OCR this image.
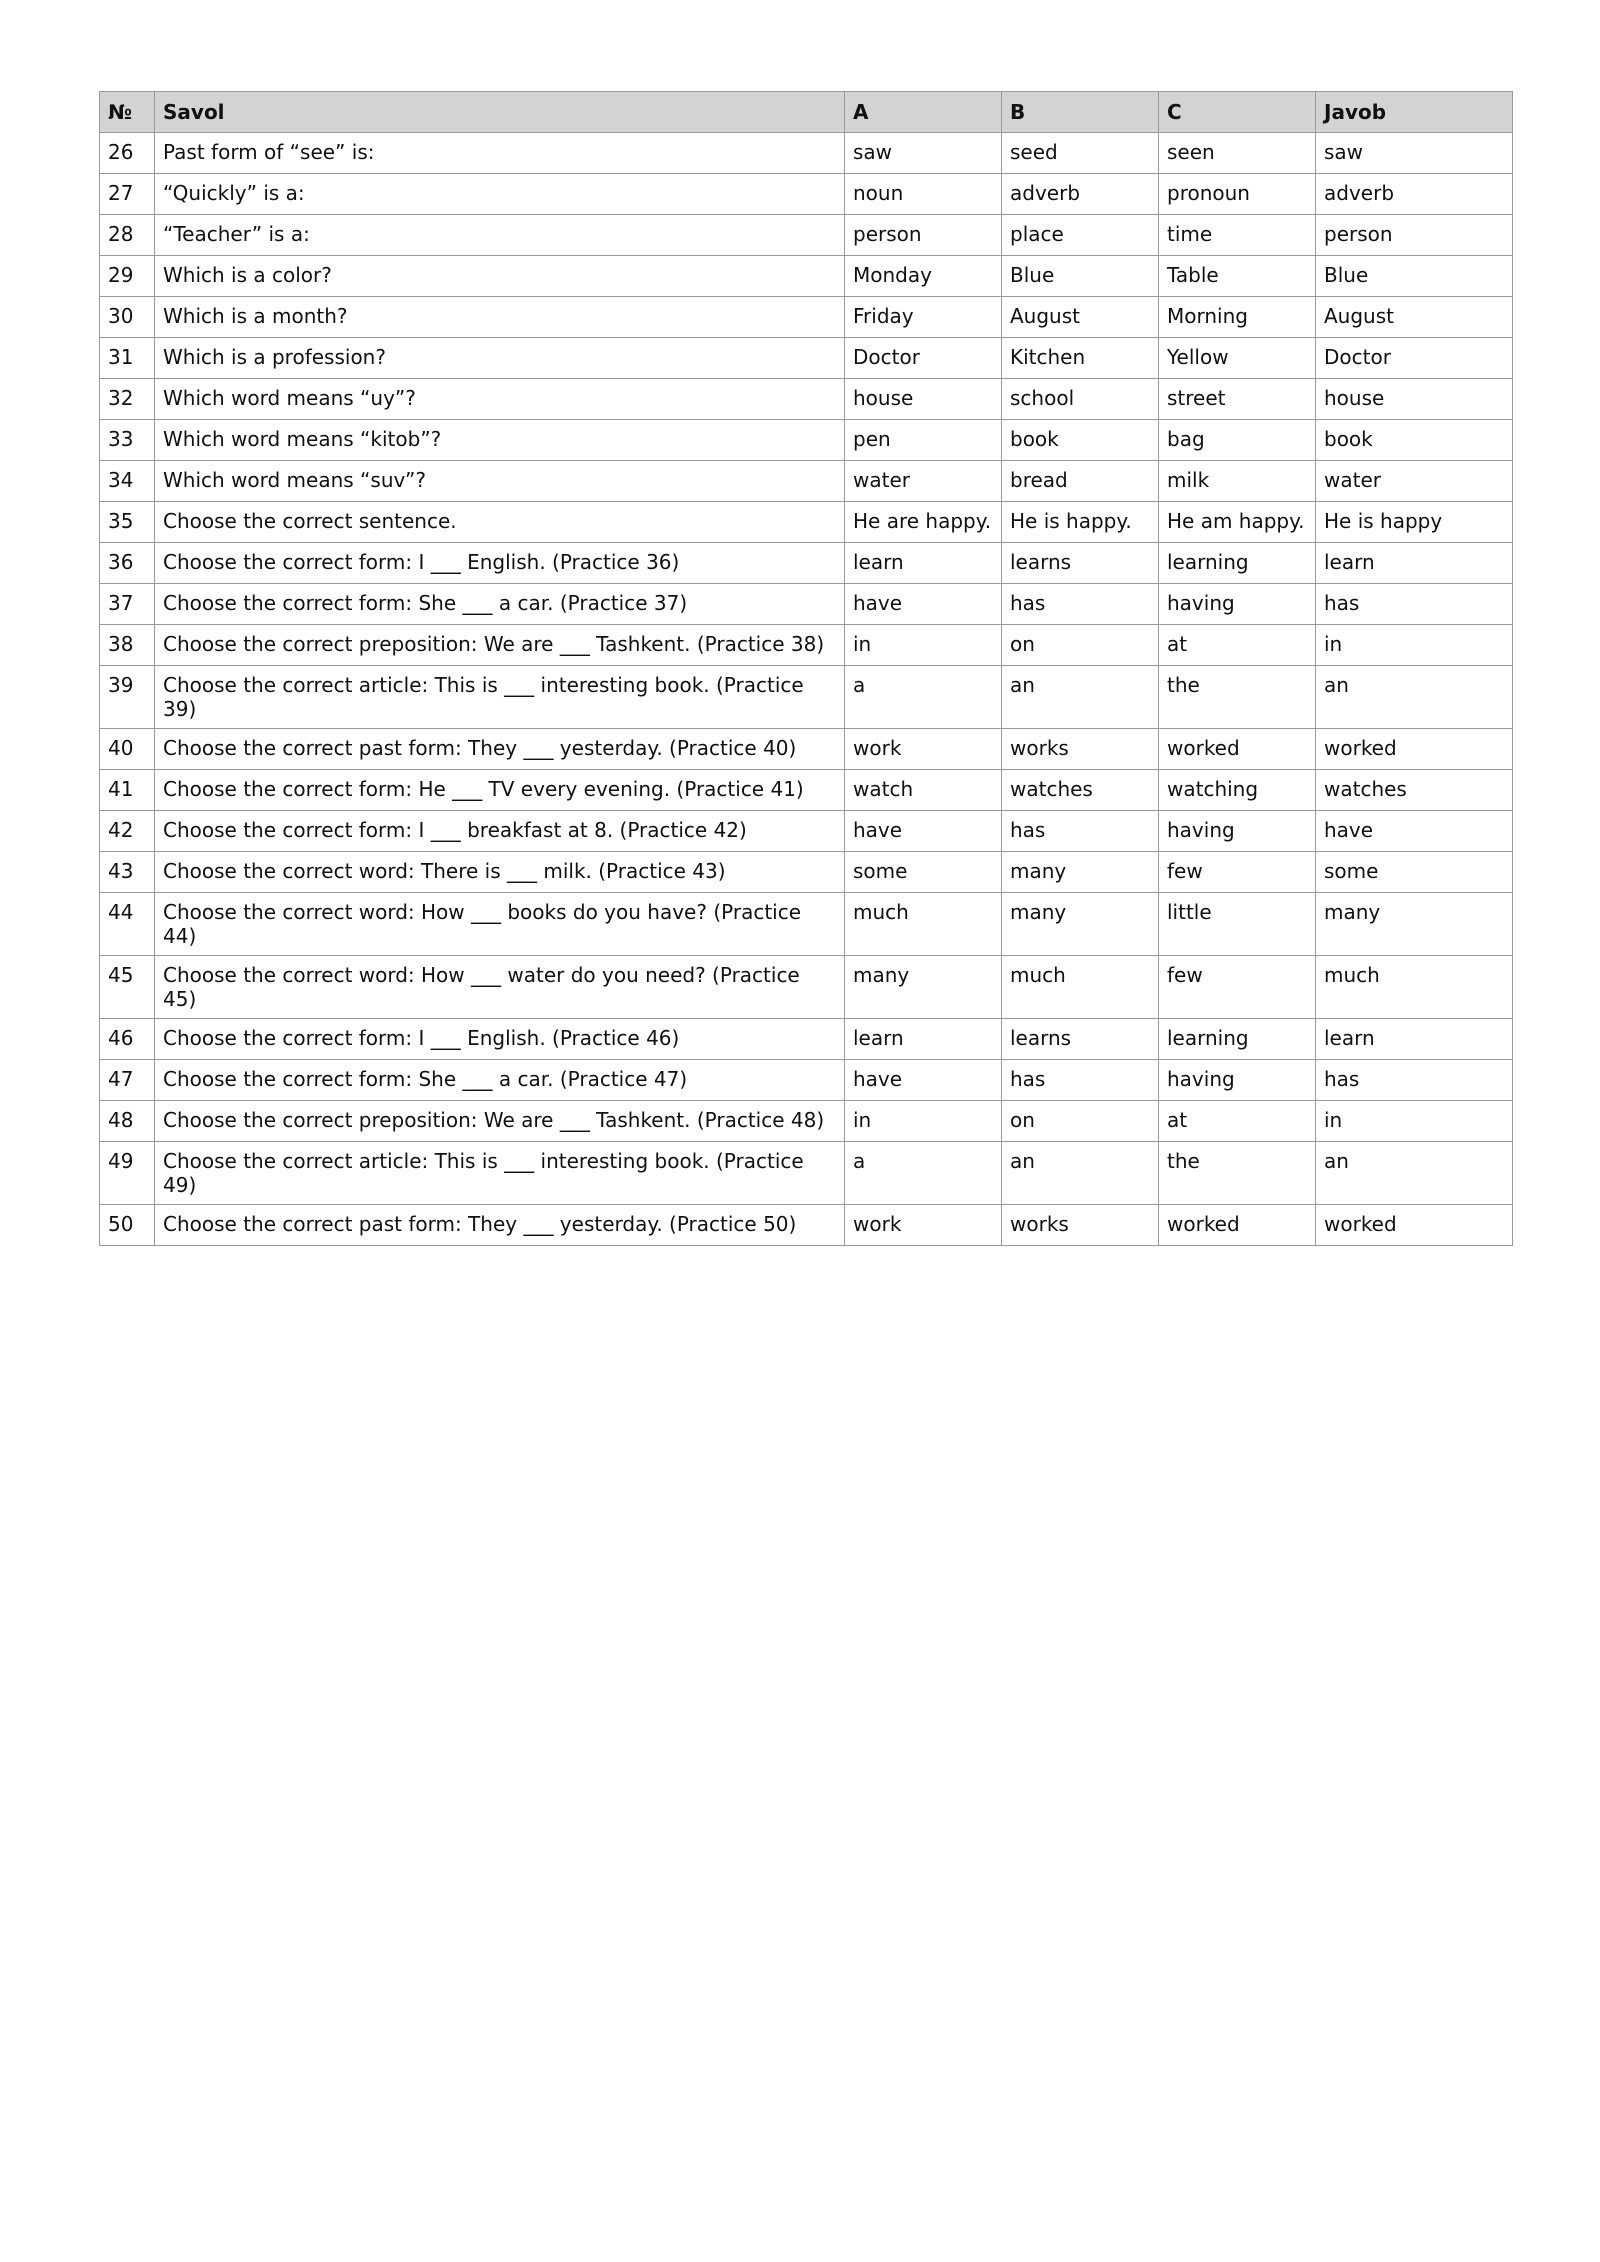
№	Savol	A	B	C	Javob
26	Past form of “see” is:	saw	seed	seen	saw
27	“Quickly” is a:	noun	adverb	pronoun	adverb
28	“Teacher” is a:	person	place	time	person
29	Which is a color?	Monday	Blue	Table	Blue
30	Which is a month?	Friday	August	Morning	August
31	Which is a profession?	Doctor	Kitchen	Yellow	Doctor
32	Which word means “uy”?	house	school	street	house
33	Which word means “kitob”?	pen	book	bag	book
34	Which word means “suv”?	water	bread	milk	water
35	Choose the correct sentence.	He are happy.	He is happy.	He am happy.	He is happy
36	Choose the correct form: I ___ English. (Practice 36)	learn	learns	learning	learn
37	Choose the correct form: She ___ a car. (Practice 37)	have	has	having	has
38	Choose the correct preposition: We are ___ Tashkent. (Practice 38)	in	on	at	in
39	Choose the correct article: This is ___ interesting book. (Practice 39)	a	an	the	an
40	Choose the correct past form: They ___ yesterday. (Practice 40)	work	works	worked	worked
41	Choose the correct form: He ___ TV every evening. (Practice 41)	watch	watches	watching	watches
42	Choose the correct form: I ___ breakfast at 8. (Practice 42)	have	has	having	have
43	Choose the correct word: There is ___ milk. (Practice 43)	some	many	few	some
44	Choose the correct word: How ___ books do you have? (Practice 44)	much	many	little	many
45	Choose the correct word: How ___ water do you need? (Practice 45)	many	much	few	much
46	Choose the correct form: I ___ English. (Practice 46)	learn	learns	learning	learn
47	Choose the correct form: She ___ a car. (Practice 47)	have	has	having	has
48	Choose the correct preposition: We are ___ Tashkent. (Practice 48)	in	on	at	in
49	Choose the correct article: This is ___ interesting book. (Practice 49)	a	an	the	an
50	Choose the correct past form: They ___ yesterday. (Practice 50)	work	works	worked	worked
